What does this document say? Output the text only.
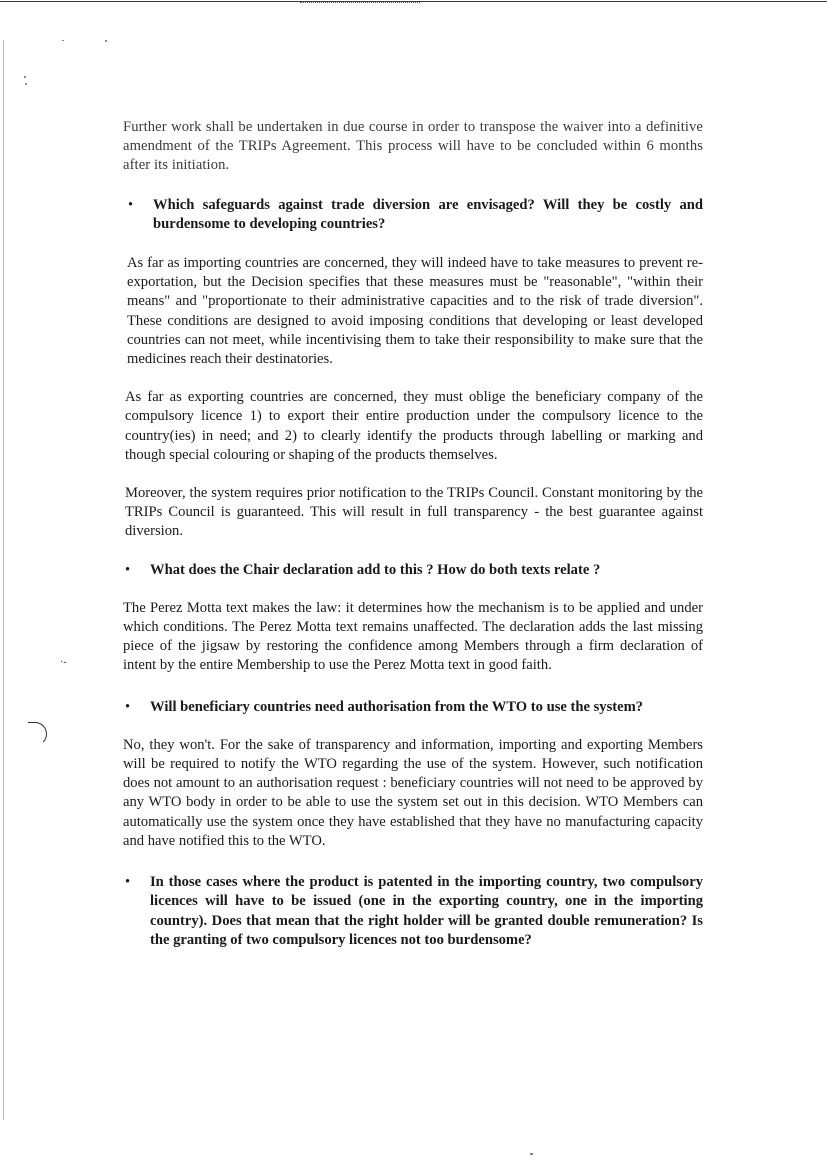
·-

Further work shall be undertaken in due course in order to transpose the waiver into a definitive amendment of the TRIPs Agreement. This process will have to be concluded within 6 months after its initiation.

• Which safeguards against trade diversion are envisaged? Will they be costly and burdensome to developing countries?

As far as importing countries are concerned, they will indeed have to take measures to prevent re-exportation, but the Decision specifies that these measures must be "reasonable", "within their means" and "proportionate to their administrative capacities and to the risk of trade diversion". These conditions are designed to avoid imposing conditions that developing or least developed countries can not meet, while incentivising them to take their responsibility to make sure that the medicines reach their destinatories.

As far as exporting countries are concerned, they must oblige the beneficiary company of the compulsory licence 1) to export their entire production under the compulsory licence to the country(ies) in need; and 2) to clearly identify the products through labelling or marking and though special colouring or shaping of the products themselves.

Moreover, the system requires prior notification to the TRIPs Council. Constant monitoring by the TRIPs Council is guaranteed. This will result in full transparency - the best guarantee against diversion.

• What does the Chair declaration add to this ? How do both texts relate ?

The Perez Motta text makes the law: it determines how the mechanism is to be applied and under which conditions. The Perez Motta text remains unaffected. The declaration adds the last missing piece of the jigsaw by restoring the confidence among Members through a firm declaration of intent by the entire Membership to use the Perez Motta text in good faith.

• Will beneficiary countries need authorisation from the WTO to use the system?

No, they won't. For the sake of transparency and information, importing and exporting Members will be required to notify the WTO regarding the use of the system. However, such notification does not amount to an authorisation request : beneficiary countries will not need to be approved by any WTO body in order to be able to use the system set out in this decision. WTO Members can automatically use the system once they have established that they have no manufacturing capacity and have notified this to the WTO.

• In those cases where the product is patented in the importing country, two compulsory licences will have to be issued (one in the exporting country, one in the importing country). Does that mean that the right holder will be granted double remuneration? Is the granting of two compulsory licences not too burdensome?
